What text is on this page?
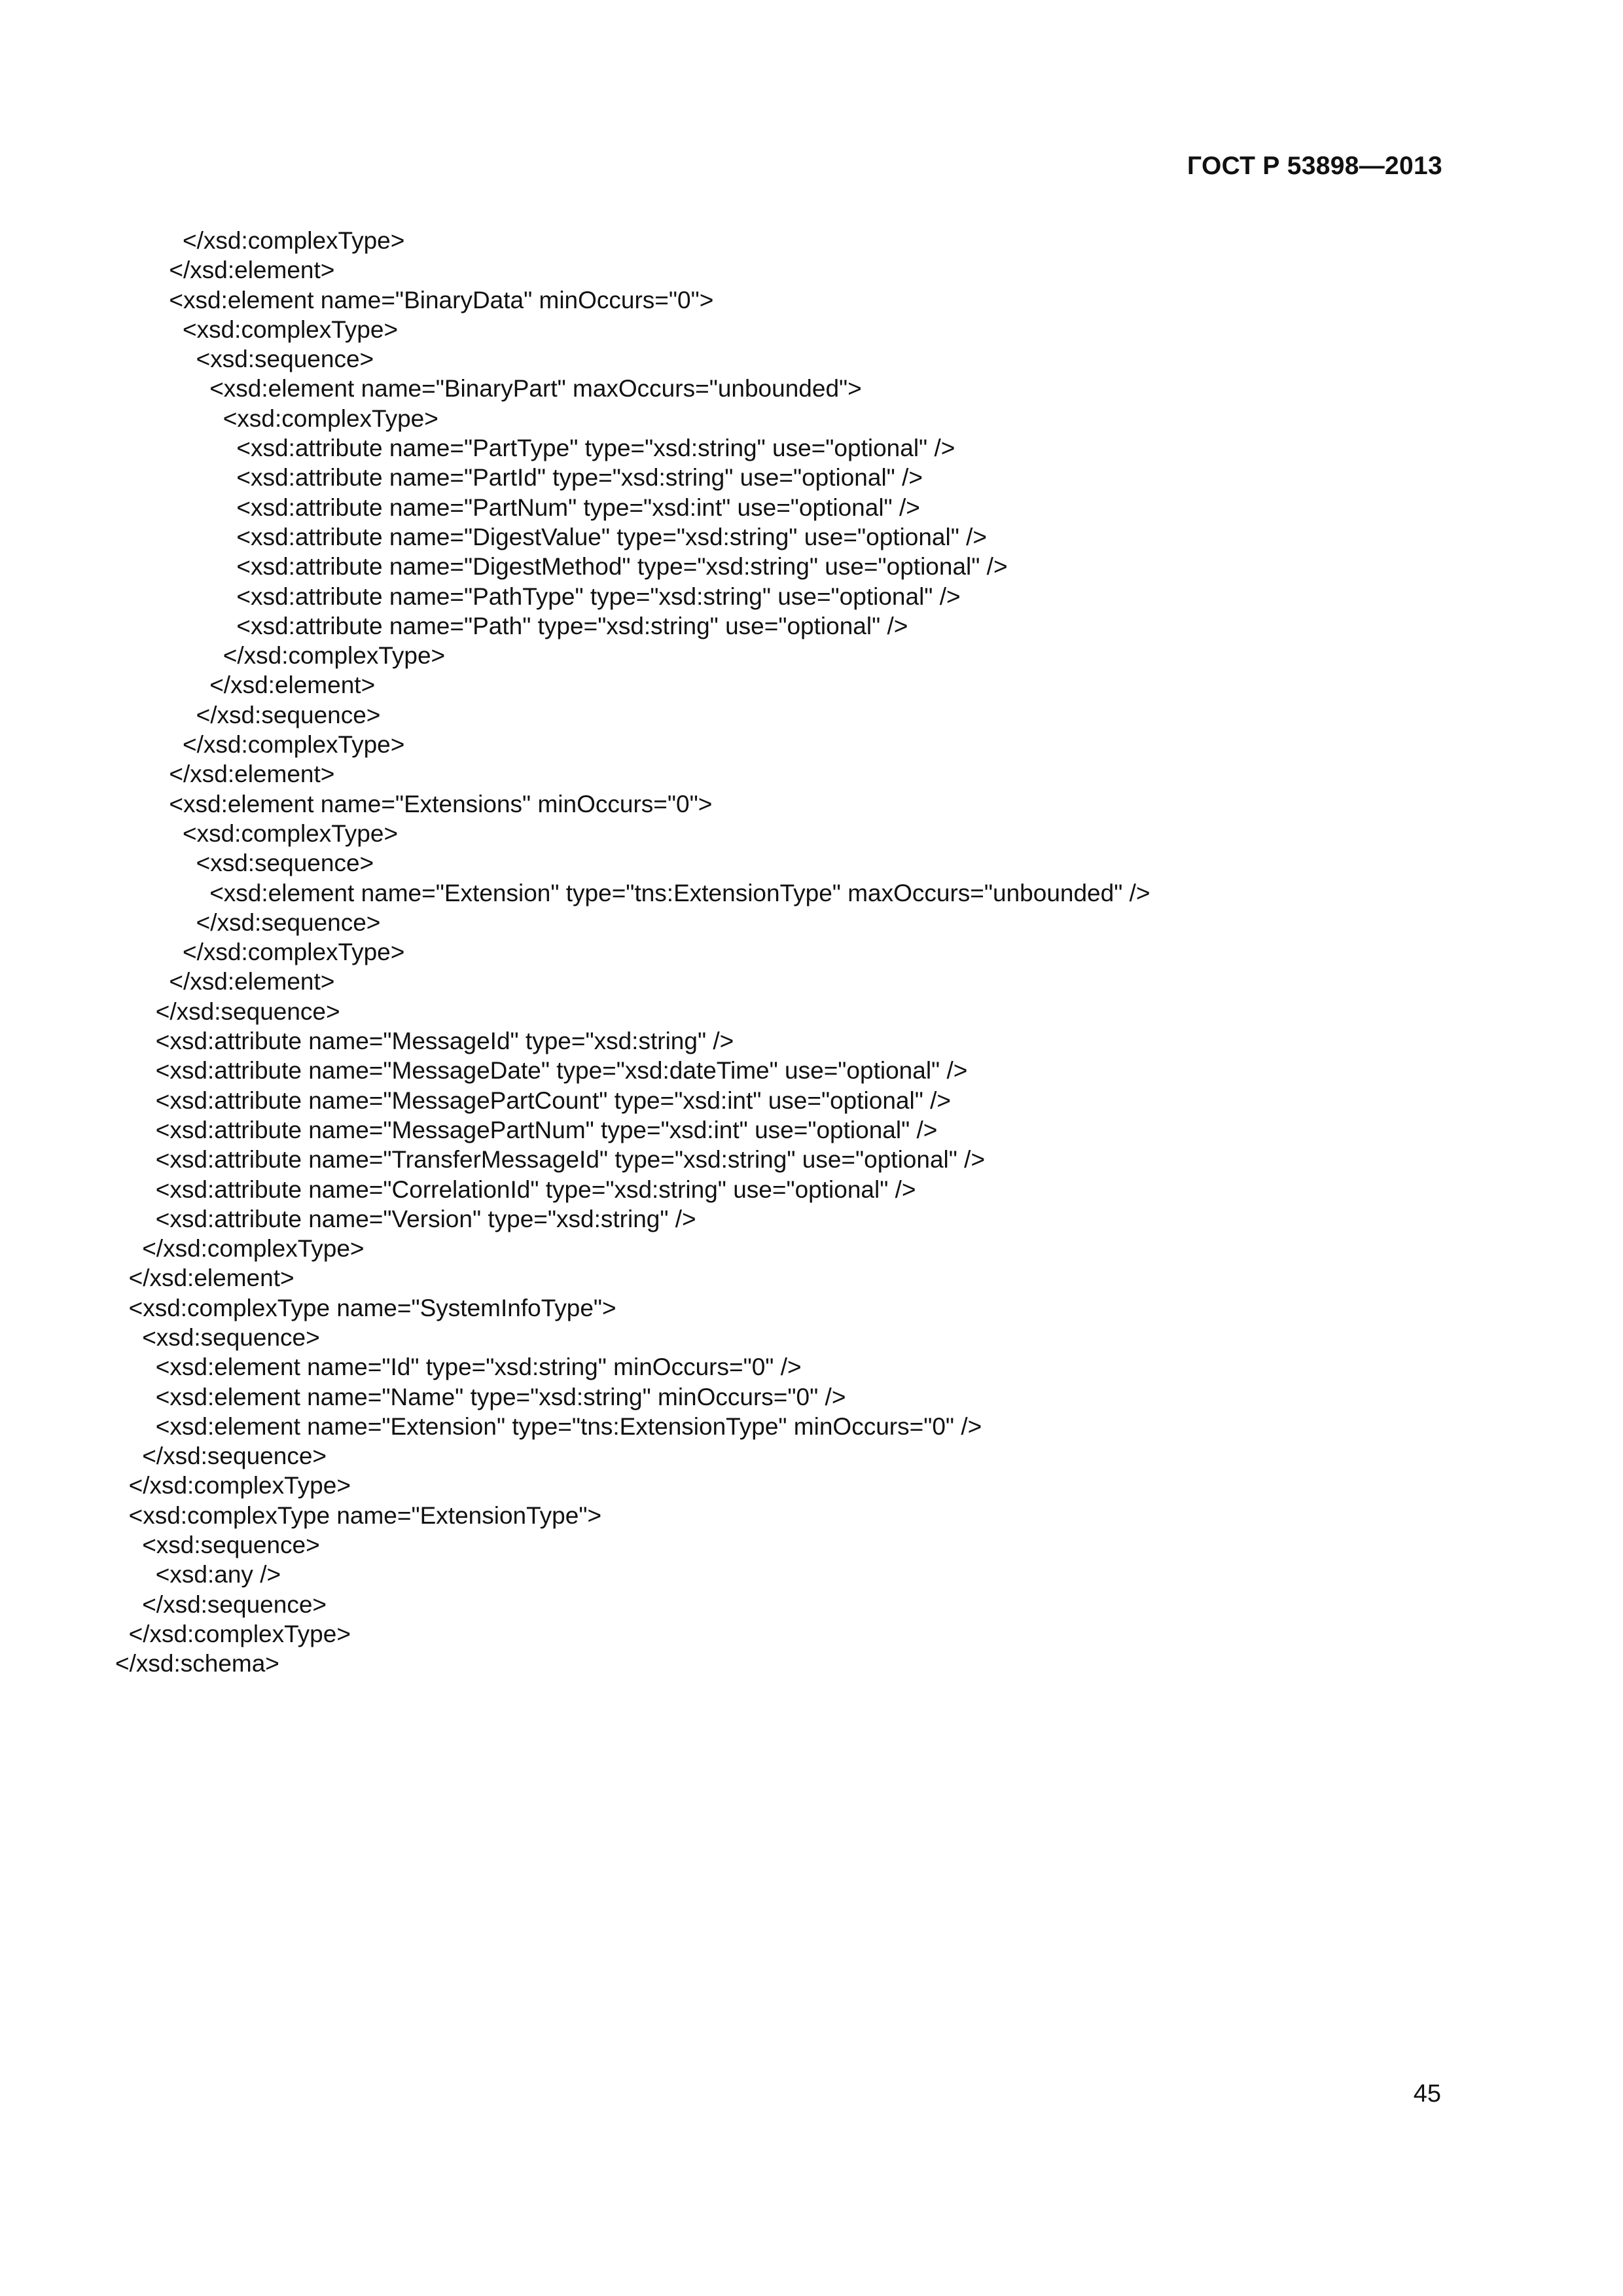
ГОСТ Р 53898—2013
</xsd:complexType>
</xsd:element>
<xsd:element name="BinaryData" minOccurs="0">
<xsd:complexType>
<xsd:sequence>
<xsd:element name="BinaryPart" maxOccurs="unbounded">
<xsd:complexType>
<xsd:attribute name="PartType" type="xsd:string" use="optional" />
<xsd:attribute name="PartId" type="xsd:string" use="optional" />
<xsd:attribute name="PartNum" type="xsd:int" use="optional" />
<xsd:attribute name="DigestValue" type="xsd:string" use="optional" />
<xsd:attribute name="DigestMethod" type="xsd:string" use="optional" />
<xsd:attribute name="PathType" type="xsd:string" use="optional" />
<xsd:attribute name="Path" type="xsd:string" use="optional" />
</xsd:complexType>
</xsd:element>
</xsd:sequence>
</xsd:complexType>
</xsd:element>
<xsd:element name="Extensions" minOccurs="0">
<xsd:complexType>
<xsd:sequence>
<xsd:element name="Extension" type="tns:ExtensionType" maxOccurs="unbounded" />
</xsd:sequence>
</xsd:complexType>
</xsd:element>
</xsd:sequence>
<xsd:attribute name="MessageId" type="xsd:string" />
<xsd:attribute name="MessageDate" type="xsd:dateTime" use="optional" />
<xsd:attribute name="MessagePartCount" type="xsd:int" use="optional" />
<xsd:attribute name="MessagePartNum" type="xsd:int" use="optional" />
<xsd:attribute name="TransferMessageId" type="xsd:string" use="optional" />
<xsd:attribute name="CorrelationId" type="xsd:string" use="optional" />
<xsd:attribute name="Version" type="xsd:string" />
</xsd:complexType>
</xsd:element>
<xsd:complexType name="SystemInfoType">
<xsd:sequence>
<xsd:element name="Id" type="xsd:string" minOccurs="0" />
<xsd:element name="Name" type="xsd:string" minOccurs="0" />
<xsd:element name="Extension" type="tns:ExtensionType" minOccurs="0" />
</xsd:sequence>
</xsd:complexType>
<xsd:complexType name="ExtensionType">
<xsd:sequence>
<xsd:any />
</xsd:sequence>
</xsd:complexType>
</xsd:schema>
45
